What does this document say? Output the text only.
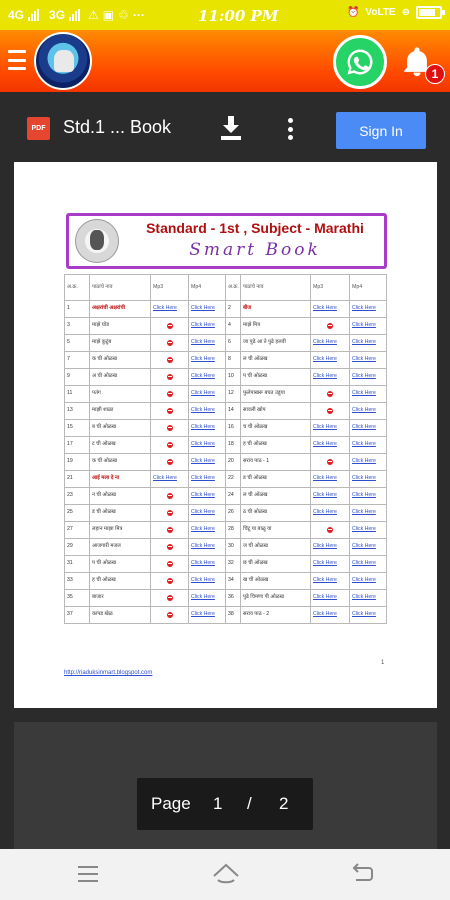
4G 3G ⚠ ▣ ♲ ···	11:00 PM	⏰ VoLTE ⊜
1
PDF Std.1 ... Book	Sign In
Standard - 1st , Subject - Marathi
Smart Book
अ.क्र.	पाठाचे नाव	Mp3	Mp4	अ.क्र.	पाठाचे नाव	Mp3	Mp4
1	अक्षरांची अक्षरांची	Click Here	Click Here	2	बीज	Click Here	Click Here
3	माझे घोड		Click Here	4	माझे मित्र		Click Here
5	माझे कुटुंब		Click Here	6	जा पुढे आ ते पुढे हलवी	Click Here	Click Here
7	क ची ओळख		Click Here	8	ल ची ओळख	Click Here	Click Here
9	अ ची ओळख		Click Here	10	प ची ओळख	Click Here	Click Here
11	पतंग		Click Here	12	फुलेपाखरू बघत उडूया		Click Here
13	माझी शाळा		Click Here	14	सावली खोप		Click Here
15	ब ची ओळख		Click Here	16	च ची ओळख	Click Here	Click Here
17	ट ची ओळख		Click Here	18	ह ची ओळख	Click Here	Click Here
19	क ची ओळख		Click Here	20	सराव पाठ - 1		Click Here
21	आई मला दे ना	Click Here	Click Here	22	ड ची ओळख	Click Here	Click Here
23	न ची ओळख		Click Here	24	ल ची ओळख	Click Here	Click Here
25	ड ची ओळख		Click Here	26	ठ ची ओळख	Click Here	Click Here
27	लहान माझा मित्र		Click Here	28	चिंटू या बाळू या		Click Here
29	आजगारी मजल		Click Here	30	ज ची ओळख	Click Here	Click Here
31	प ची ओळख		Click Here	32	छ ची ओळख	Click Here	Click Here
33	ह ची ओळख		Click Here	34	ख ची ओळख	Click Here	Click Here
35	बाजार		Click Here	36	पुढे चिमणा पी ओळख	Click Here	Click Here
37	कापड खेळ		Click Here	38	सराव पाठ - 2	Click Here	Click Here
1
http://riaduksinmart.blogspot.com
Page 1 / 2
